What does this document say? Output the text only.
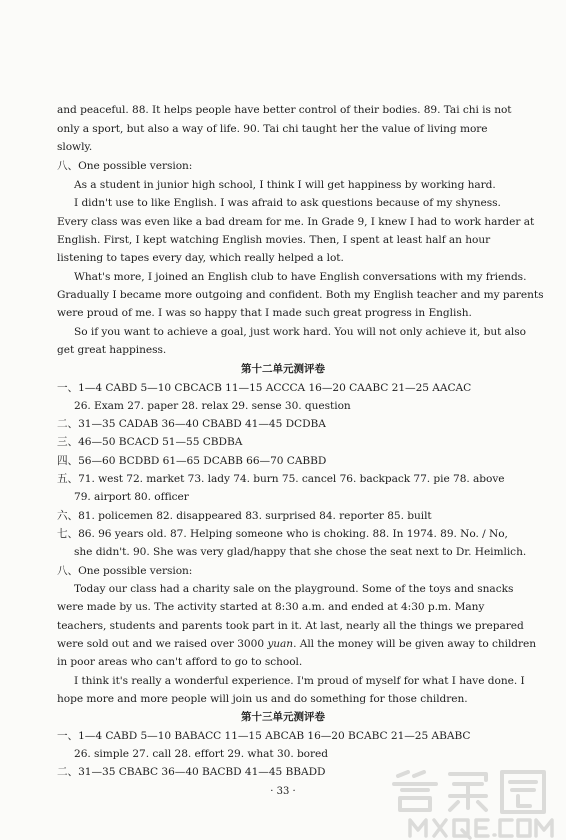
and peaceful. 88. It helps people have better control of their bodies. 89. Tai chi is not
only a sport, but also a way of life. 90. Tai chi taught her the value of living more
slowly.
八、One possible version:
As a student in junior high school, I think I will get happiness by working hard.
I didn't use to like English. I was afraid to ask questions because of my shyness.
Every class was even like a bad dream for me. In Grade 9, I knew I had to work harder at
English. First, I kept watching English movies. Then, I spent at least half an hour
listening to tapes every day, which really helped a lot.
What's more, I joined an English club to have English conversations with my friends.
Gradually I became more outgoing and confident. Both my English teacher and my parents
were proud of me. I was so happy that I made such great progress in English.
So if you want to achieve a goal, just work hard. You will not only achieve it, but also
get great happiness.
第十二单元测评卷
一、1—4 CABD 5—10 CBCACB 11—15 ACCCA 16—20 CAABC 21—25 AACAC
26. Exam 27. paper 28. relax 29. sense 30. question
二、31—35 CADAB 36—40 CBABD 41—45 DCDBA
三、46—50 BCACD 51—55 CBDBA
四、56—60 BCDBD 61—65 DCABB 66—70 CABBD
五、71. west 72. market 73. lady 74. burn 75. cancel 76. backpack 77. pie 78. above
79. airport 80. officer
六、81. policemen 82. disappeared 83. surprised 84. reporter 85. built
七、86. 96 years old. 87. Helping someone who is choking. 88. In 1974. 89. No. / No,
she didn't. 90. She was very glad/happy that she chose the seat next to Dr. Heimlich.
八、One possible version:
Today our class had a charity sale on the playground. Some of the toys and snacks
were made by us. The activity started at 8:30 a.m. and ended at 4:30 p.m. Many
teachers, students and parents took part in it. At last, nearly all the things we prepared
were sold out and we raised over 3000 yuan. All the money will be given away to children
in poor areas who can't afford to go to school.
I think it's really a wonderful experience. I'm proud of myself for what I have done. I
hope more and more people will join us and do something for those children.
第十三单元测评卷
一、1—4 CABD 5—10 BABACC 11—15 ABCAB 16—20 BCABC 21—25 ABABC
26. simple 27. call 28. effort 29. what 30. bored
二、31—35 CBABC 36—40 BACBD 41—45 BBADD
· 33 ·
